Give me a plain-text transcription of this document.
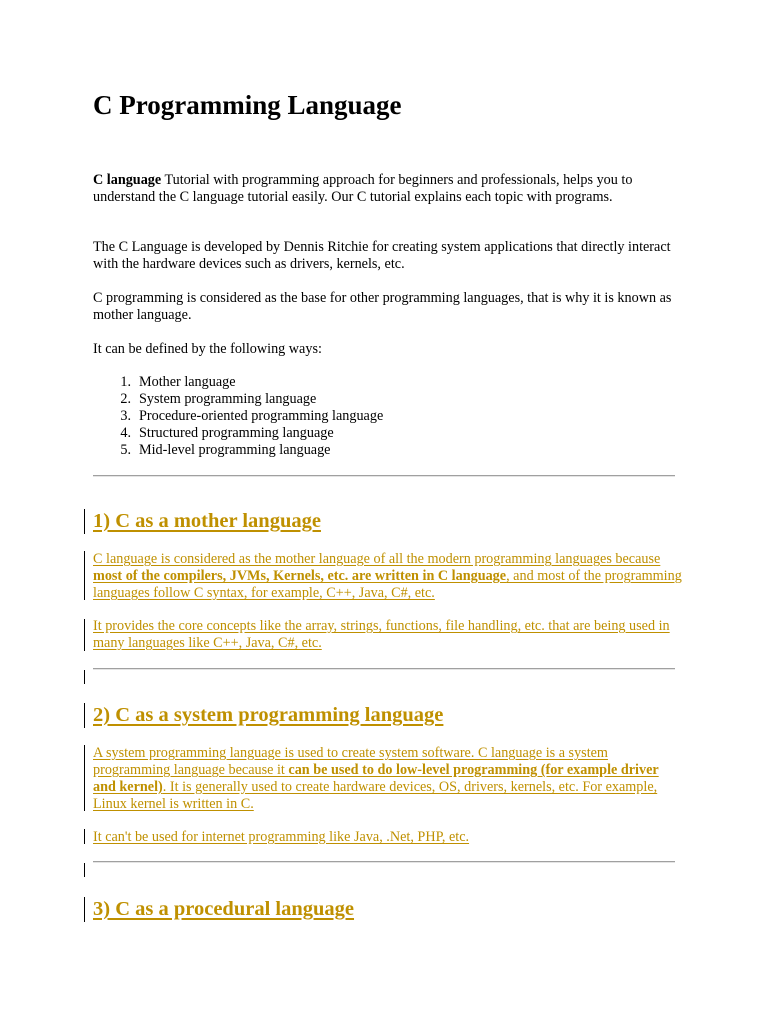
C Programming Language

C language Tutorial with programming approach for beginners and professionals, helps you to understand the C language tutorial easily. Our C tutorial explains each topic with programs.

The C Language is developed by Dennis Ritchie for creating system applications that directly interact with the hardware devices such as drivers, kernels, etc.

C programming is considered as the base for other programming languages, that is why it is known as mother language.

It can be defined by the following ways:

1. Mother language
2. System programming language
3. Procedure-oriented programming language
4. Structured programming language
5. Mid-level programming language
1) C as a mother language

C language is considered as the mother language of all the modern programming languages because most of the compilers, JVMs, Kernels, etc. are written in C language, and most of the programming languages follow C syntax, for example, C++, Java, C#, etc.

It provides the core concepts like the array, strings, functions, file handling, etc. that are being used in many languages like C++, Java, C#, etc.

2) C as a system programming language

A system programming language is used to create system software. C language is a system programming language because it can be used to do low-level programming (for example driver and kernel). It is generally used to create hardware devices, OS, drivers, kernels, etc. For example, Linux kernel is written in C.

It can't be used for internet programming like Java, .Net, PHP, etc.

3) C as a procedural language
